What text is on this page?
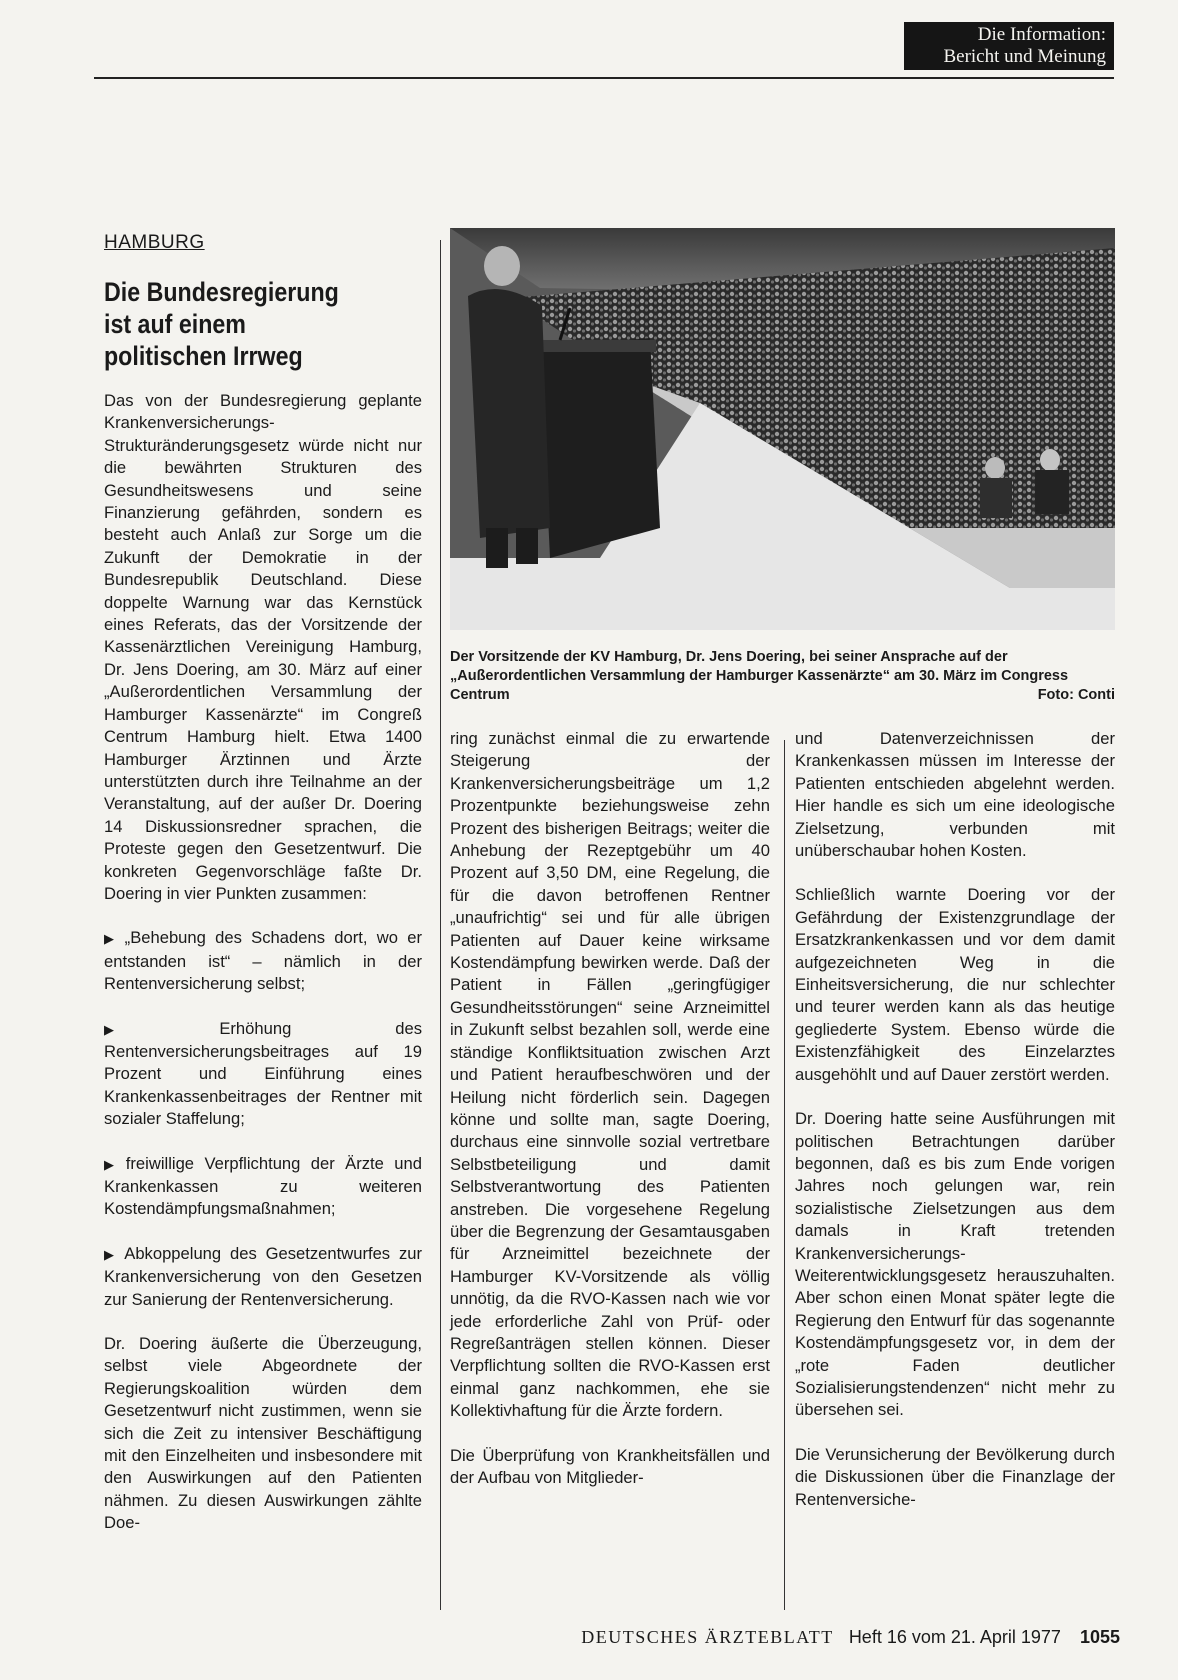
Die Information:
Bericht und Meinung
HAMBURG
Die Bundesregierung
ist auf einem
politischen Irrweg

Das von der Bundesregierung geplante Krankenversicherungs-Strukturänderungsgesetz würde nicht nur die bewährten Strukturen des Gesundheitswesens und seine Finanzierung gefährden, sondern es besteht auch Anlaß zur Sorge um die Zukunft der Demokratie in der Bundesrepublik Deutschland. Diese doppelte Warnung war das Kernstück eines Referats, das der Vorsitzende der Kassenärztlichen Vereinigung Hamburg, Dr. Jens Doering, am 30. März auf einer „Außerordentlichen Versammlung der Hamburger Kassenärzte“ im Congreß Centrum Hamburg hielt. Etwa 1400 Hamburger Ärztinnen und Ärzte unterstützten durch ihre Teilnahme an der Veranstaltung, auf der außer Dr. Doering 14 Diskussionsredner sprachen, die Proteste gegen den Gesetzentwurf. Die konkreten Gegenvorschläge faßte Dr. Doering in vier Punkten zusammen:

▶ „Behebung des Schadens dort, wo er entstanden ist“ – nämlich in der Rentenversicherung selbst;

▶ Erhöhung des Rentenversicherungsbeitrages auf 19 Prozent und Einführung eines Krankenkassenbeitrages der Rentner mit sozialer Staffelung;

▶ freiwillige Verpflichtung der Ärzte und Krankenkassen zu weiteren Kostendämpfungsmaßnahmen;

▶ Abkoppelung des Gesetzentwurfes zur Krankenversicherung von den Gesetzen zur Sanierung der Rentenversicherung.

Dr. Doering äußerte die Überzeugung, selbst viele Abgeordnete der Regierungskoalition würden dem Gesetzentwurf nicht zustimmen, wenn sie sich die Zeit zu intensiver Beschäftigung mit den Einzelheiten und insbesondere mit den Auswirkungen auf den Patienten nähmen. Zu diesen Auswirkungen zählte Doe-

Der Vorsitzende der KV Hamburg, Dr. Jens Doering, bei seiner Ansprache auf der „Außerordentlichen Versammlung der Hamburger Kassenärzte“ am 30. März im Congress Centrum	Foto: Conti

ring zunächst einmal die zu erwartende Steigerung der Krankenversicherungsbeiträge um 1,2 Prozentpunkte beziehungsweise zehn Prozent des bisherigen Beitrags; weiter die Anhebung der Rezeptgebühr um 40 Prozent auf 3,50 DM, eine Regelung, die für die davon betroffenen Rentner „unaufrichtig“ sei und für alle übrigen Patienten auf Dauer keine wirksame Kostendämpfung bewirken werde. Daß der Patient in Fällen „geringfügiger Gesundheitsstörungen“ seine Arzneimittel in Zukunft selbst bezahlen soll, werde eine ständige Konfliktsituation zwischen Arzt und Patient heraufbeschwören und der Heilung nicht förderlich sein. Dagegen könne und sollte man, sagte Doering, durchaus eine sinnvolle sozial vertretbare Selbstbeteiligung und damit Selbstverantwortung des Patienten anstreben. Die vorgesehene Regelung über die Begrenzung der Gesamtausgaben für Arzneimittel bezeichnete der Hamburger KV-Vorsitzende als völlig unnötig, da die RVO-Kassen nach wie vor jede erforderliche Zahl von Prüf- oder Regreßanträgen stellen können. Dieser Verpflichtung sollten die RVO-Kassen erst einmal ganz nachkommen, ehe sie Kollektivhaftung für die Ärzte fordern.

Die Überprüfung von Krankheitsfällen und der Aufbau von Mitglieder-

und Datenverzeichnissen der Krankenkassen müssen im Interesse der Patienten entschieden abgelehnt werden. Hier handle es sich um eine ideologische Zielsetzung, verbunden mit unüberschaubar hohen Kosten.

Schließlich warnte Doering vor der Gefährdung der Existenzgrundlage der Ersatzkrankenkassen und vor dem damit aufgezeichneten Weg in die Einheitsversicherung, die nur schlechter und teurer werden kann als das heutige gegliederte System. Ebenso würde die Existenzfähigkeit des Einzelarztes ausgehöhlt und auf Dauer zerstört werden.

Dr. Doering hatte seine Ausführungen mit politischen Betrachtungen darüber begonnen, daß es bis zum Ende vorigen Jahres noch gelungen war, rein sozialistische Zielsetzungen aus dem damals in Kraft tretenden Krankenversicherungs-Weiterentwicklungsgesetz herauszuhalten. Aber schon einen Monat später legte die Regierung den Entwurf für das sogenannte Kostendämpfungsgesetz vor, in dem der „rote Faden deutlicher Sozialisierungstendenzen“ nicht mehr zu übersehen sei.

Die Verunsicherung der Bevölkerung durch die Diskussionen über die Finanzlage der Rentenversiche-

DEUTSCHES ÄRZTEBLATT Heft 16 vom 21. April 1977 1055
